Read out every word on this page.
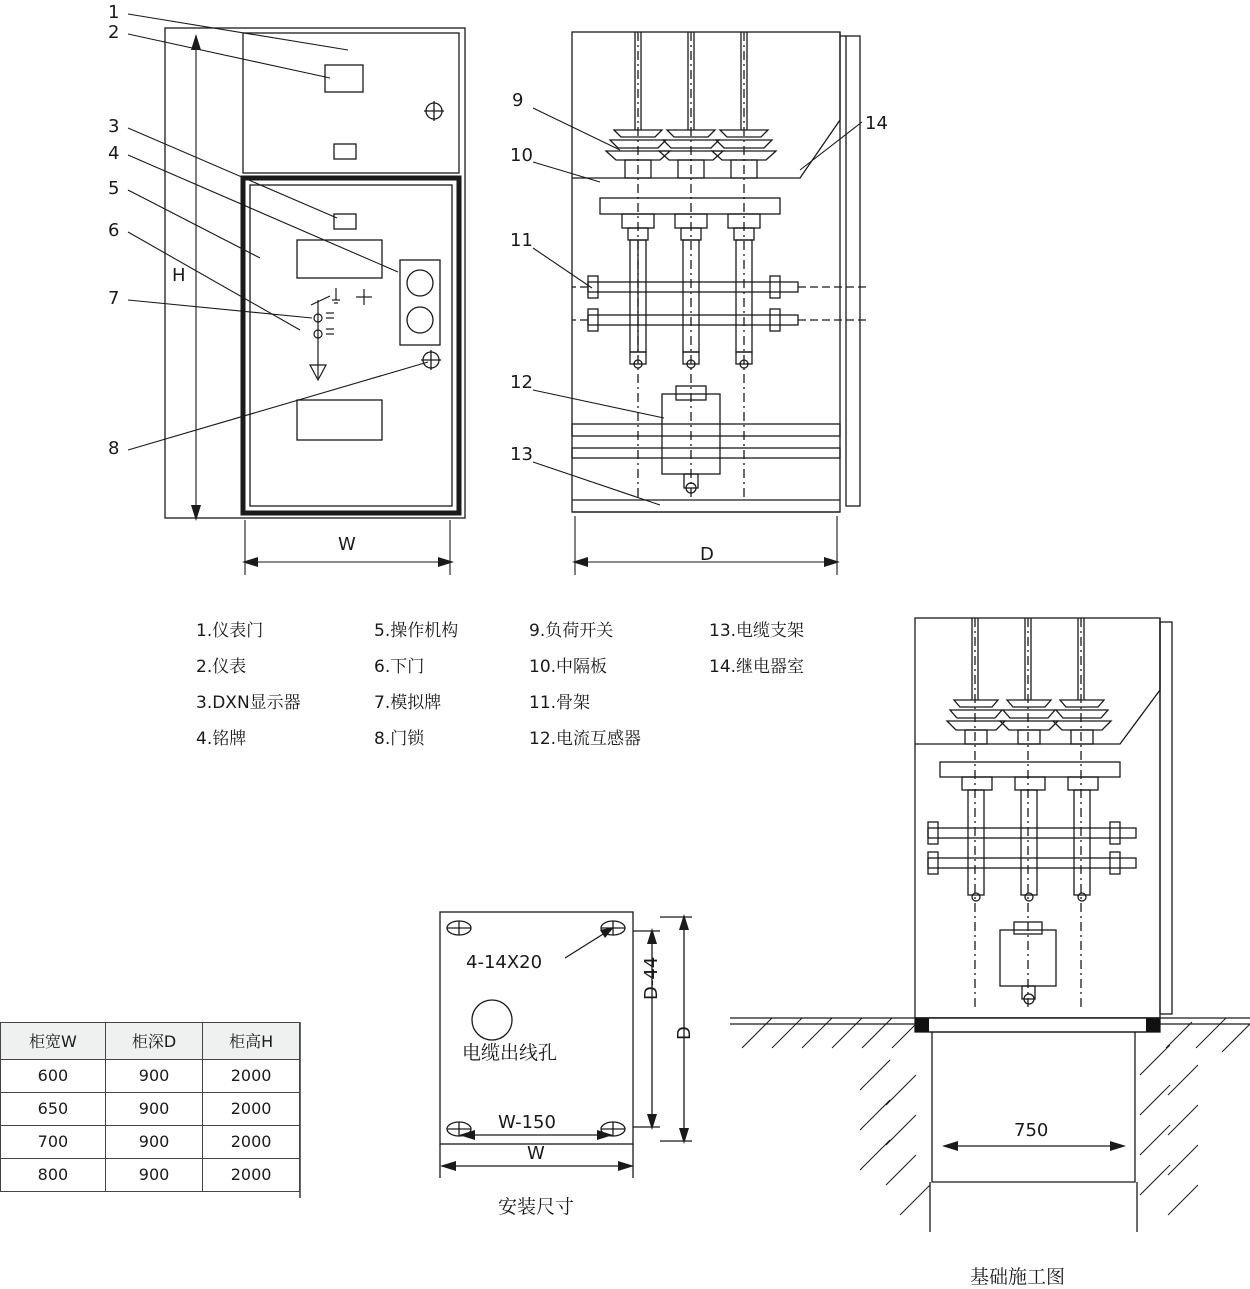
1
2
3
4
5
6
7
8
9
10
11
12
13
14
H
W	D
4-14X20
电缆出线孔
D-44
D
W-150
W
750
1.仪表门	5.操作机构	9.负荷开关	13.电缆支架
2.仪表	6.下门	10.中隔板	14.继电器室
3.DXN显示器	7.模拟牌	11.骨架
4.铭牌	8.门锁	12.电流互感器
柜宽W	柜深D	柜高H
600	900	2000
650	900	2000
700	900	2000
800	900	2000
安装尺寸
基础施工图
